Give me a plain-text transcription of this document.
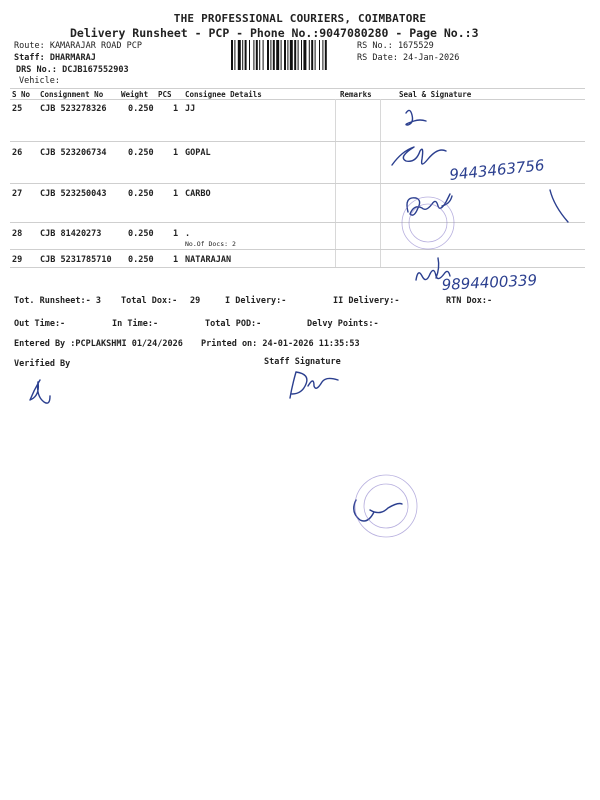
THE PROFESSIONAL COURIERS, COIMBATORE
Delivery Runsheet - PCP - Phone No.:9047080280 - Page No.:3
Route: KAMARAJAR ROAD PCP
Staff: DHARMARAJ
DRS No.: DCJB167552903
Vehicle:
RS No.: 1675529
RS Date: 24-Jan-2026
S No Consignment No Weight PCS Consignee Details	Remarks	Seal & Signature
25 CJB 523278326	0.250 1 JJ
26 CJB 523206734	0.250 1 GOPAL
27 CJB 523250043	0.250 1 CARBO
28 CJB 81420273	0.250 1 .
No.Of Docs: 2
29 CJB 5231785710 0.250 1 NATARAJAN
Tot. Runsheet:- 3 Total Dox:- 29	I Delivery:-	II Delivery:-	RTN Dox:-
Out Time:-	In Time:-	Total POD:-	Delvy Points:-
Entered By :PCPLAKSHMI 01/24/2026 Printed on: 24-01-2026 11:35:53
Verified By	Staff Signature
9443463756
9894400339
